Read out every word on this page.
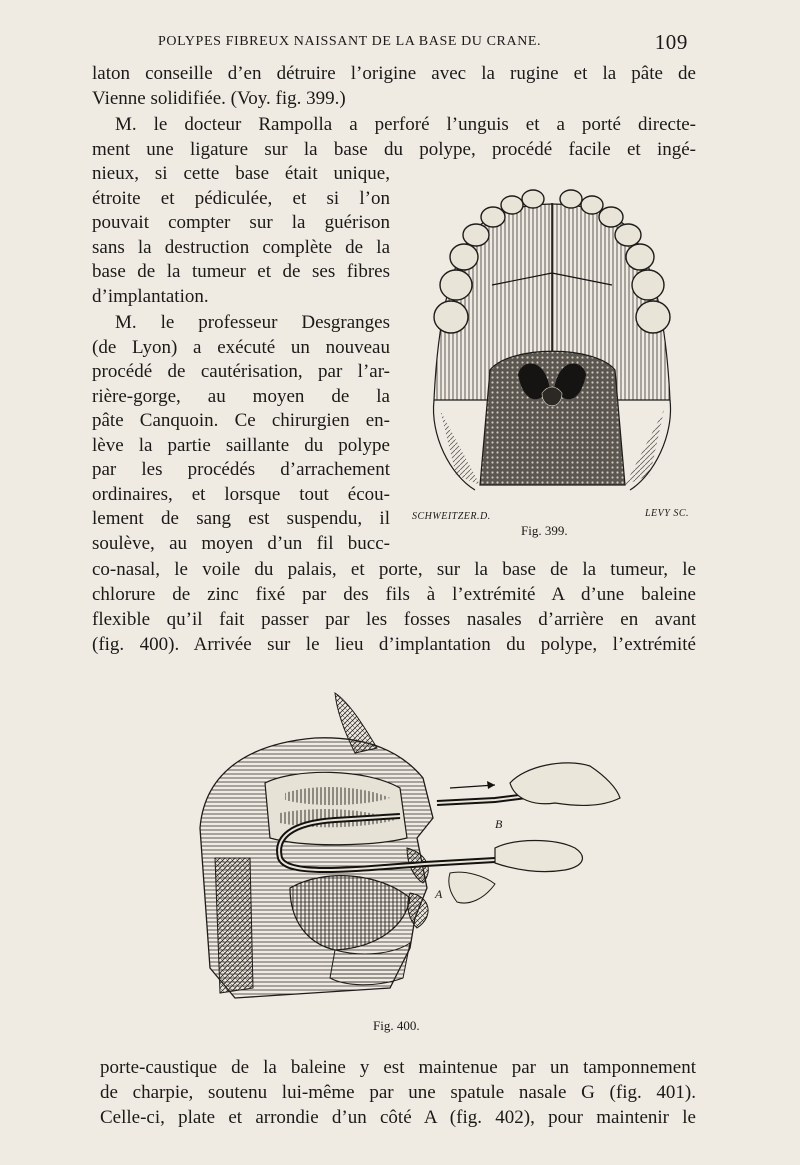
POLYPES FIBREUX NAISSANT DE LA BASE DU CRANE.	109
laton conseille d’en détruire l’origine avec la rugine et la pâte de
Vienne solidifiée. (Voy. fig. 399.)
M. le docteur Rampolla a perforé l’unguis et a porté directe-
ment une ligature sur la base du polype, procédé facile et ingé-
nieux, si cette base était unique,
étroite et pédiculée, et si l’on
pouvait compter sur la guérison
sans la destruction complète de la
base de la tumeur et de ses fibres
d’implantation.
M. le professeur Desgranges
(de Lyon) a exécuté un nouveau
procédé de cautérisation, par l’ar-
rière-gorge, au moyen de la
pâte Canquoin. Ce chirurgien en-
lève la partie saillante du polype
par les procédés d’arrachement
ordinaires, et lorsque tout écou-
lement de sang est suspendu, il
soulève, au moyen d’un fil bucc-
co-nasal, le voile du palais, et porte, sur la base de la tumeur, le
chlorure de zinc fixé par des fils à l’extrémité A d’une baleine
flexible qu’il fait passer par les fosses nasales d’arrière en avant
(fig. 400). Arrivée sur le lieu d’implantation du polype, l’extrémité
SCHWEITZER.D.	LEVY SC.
Fig. 399.
B
A
Fig. 400.
porte-caustique de la baleine y est maintenue par un tamponnement
de charpie, soutenu lui-même par une spatule nasale G (fig. 401).
Celle-ci, plate et arrondie d’un côté A (fig. 402), pour maintenir le
